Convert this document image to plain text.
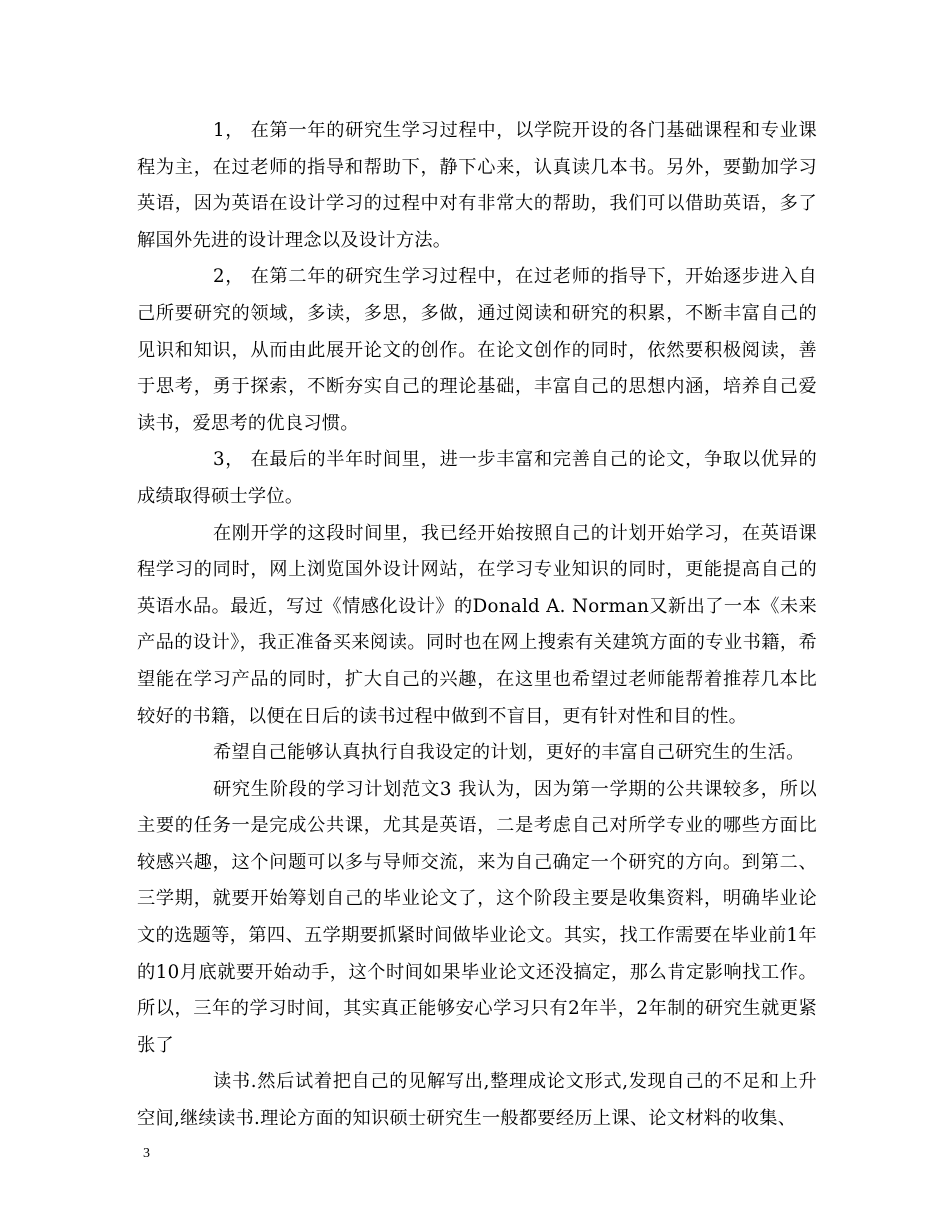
1， 在第一年的研究生学习过程中，以学院开设的各门基础课程和专业课程为主，在过老师的指导和帮助下，静下心来，认真读几本书。另外，要勤加学习英语，因为英语在设计学习的过程中对有非常大的帮助，我们可以借助英语，多了解国外先进的设计理念以及设计方法。

2， 在第二年的研究生学习过程中，在过老师的指导下，开始逐步进入自己所要研究的领域，多读，多思，多做，通过阅读和研究的积累，不断丰富自己的见识和知识，从而由此展开论文的创作。在论文创作的同时，依然要积极阅读，善于思考，勇于探索，不断夯实自己的理论基础，丰富自己的思想内涵，培养自己爱读书，爱思考的优良习惯。

3， 在最后的半年时间里，进一步丰富和完善自己的论文，争取以优异的成绩取得硕士学位。

在刚开学的这段时间里，我已经开始按照自己的计划开始学习，在英语课程学习的同时，网上浏览国外设计网站，在学习专业知识的同时，更能提高自己的英语水品。最近，写过《情感化设计》的Donald A. Norman又新出了一本《未来产品的设计》，我正准备买来阅读。同时也在网上搜索有关建筑方面的专业书籍，希望能在学习产品的同时，扩大自己的兴趣，在这里也希望过老师能帮着推荐几本比较好的书籍，以便在日后的读书过程中做到不盲目，更有针对性和目的性。

希望自己能够认真执行自我设定的计划，更好的丰富自己研究生的生活。

研究生阶段的学习计划范文3 我认为，因为第一学期的公共课较多，所以主要的任务一是完成公共课，尤其是英语，二是考虑自己对所学专业的哪些方面比较感兴趣，这个问题可以多与导师交流，来为自己确定一个研究的方向。到第二、三学期，就要开始筹划自己的毕业论文了，这个阶段主要是收集资料，明确毕业论文的选题等，第四、五学期要抓紧时间做毕业论文。其实，找工作需要在毕业前1年的10月底就要开始动手，这个时间如果毕业论文还没搞定，那么肯定影响找工作。所以，三年的学习时间，其实真正能够安心学习只有2年半，2年制的研究生就更紧张了

读书.然后试着把自己的见解写出,整理成论文形式,发现自己的不足和上升空间,继续读书.理论方面的知识硕士研究生一般都要经历上课、论文材料的收集、

3
